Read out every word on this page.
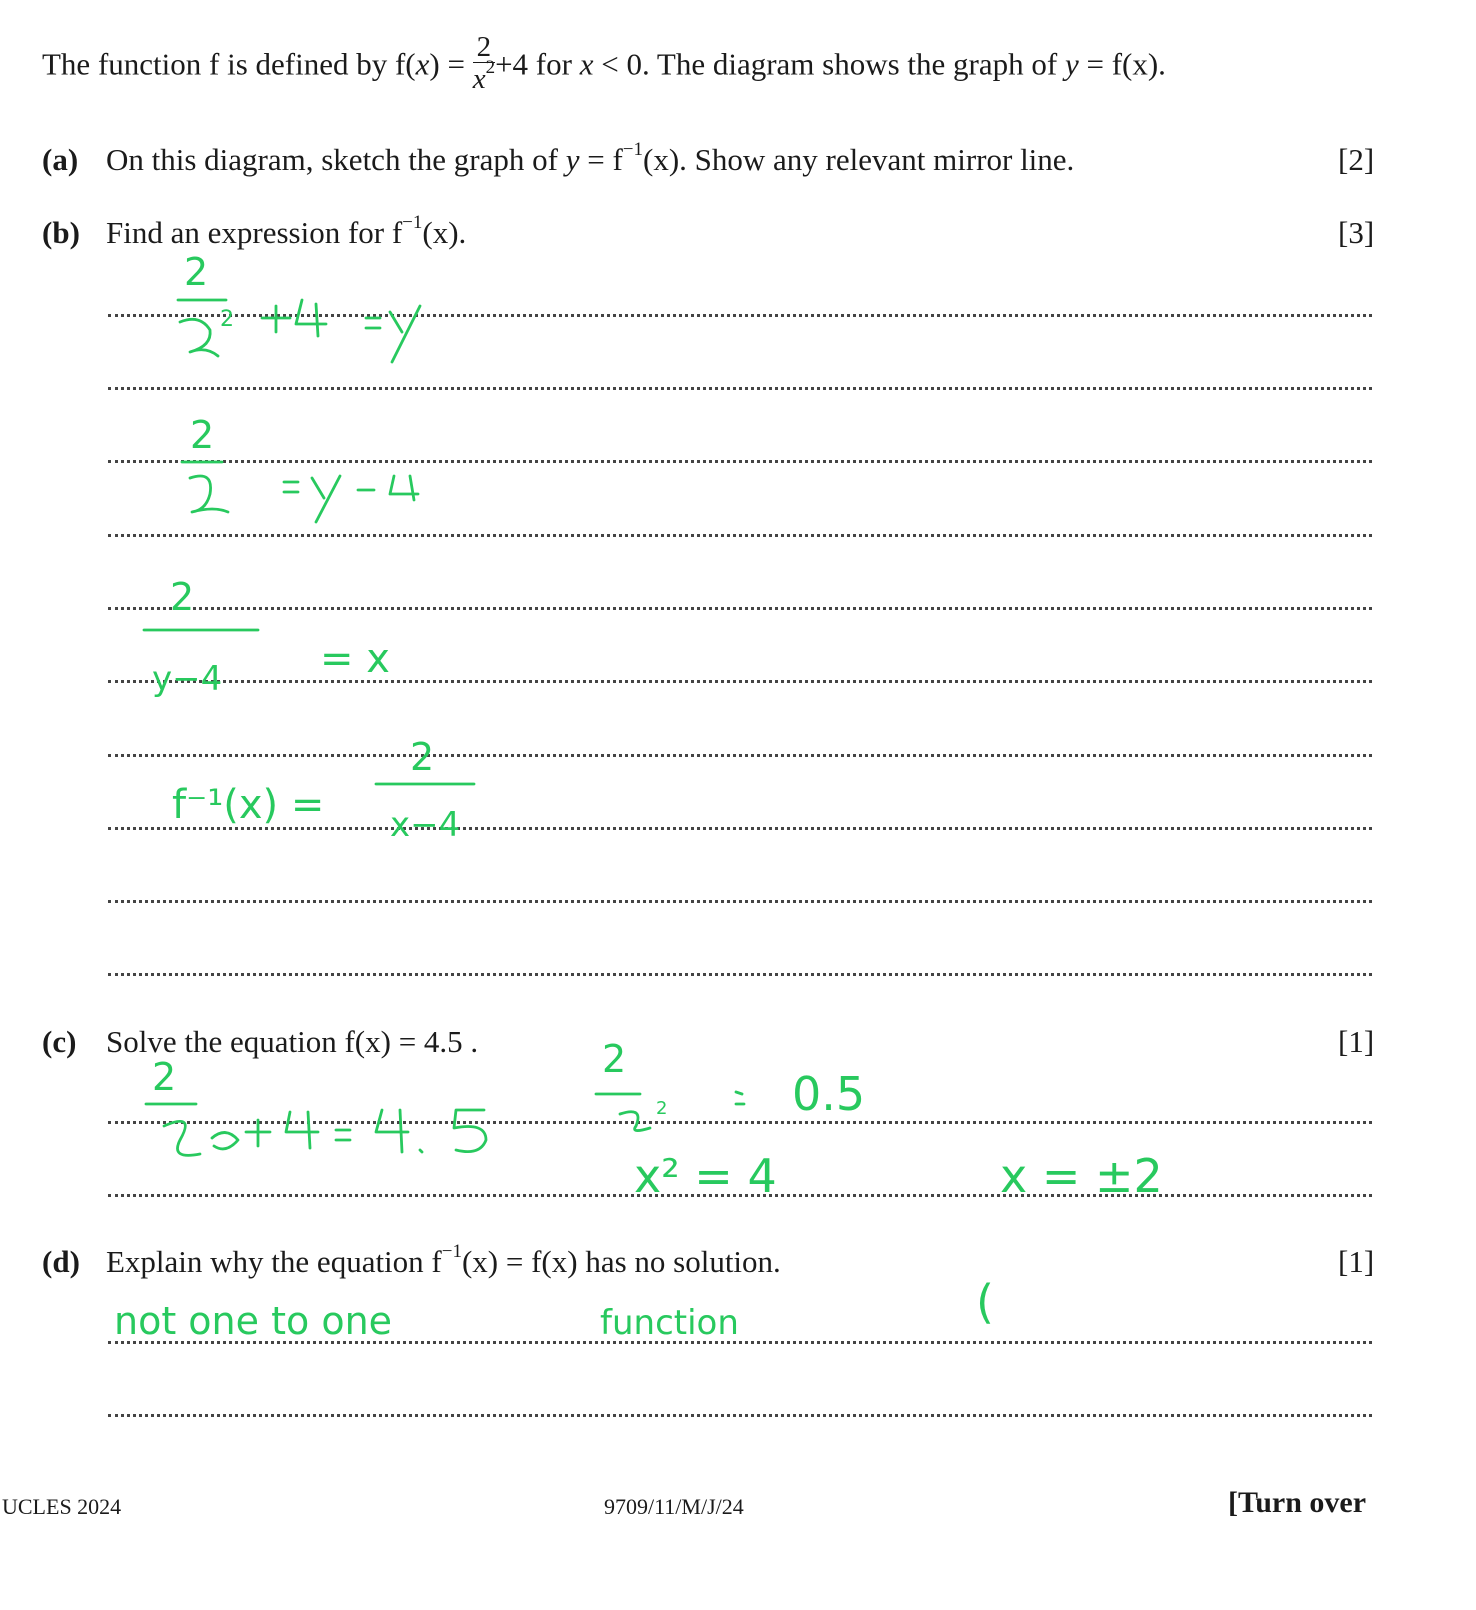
The function f is defined by $f(x) = \frac{2}{x^2} +4$ for x < 0. The diagram shows the graph of y = f(x).
(a) On this diagram, sketch the graph of $y = f^{-1}(x)$. Show any relevant mirror line.	[2]
(b) Find an expression for $f^{-1}(x)$.	[3]
(c) Solve the equation f(x) = 4.5 .	[1]
(d) Explain why the equation $f^{-1}(x) = f(x)$ has no solution.	[1]
2
2
2
2
y−4 = x
f⁻¹(x) =
2
x−4
2	2
2	0.5
x² = 4	x = ±2
not one to one	function	(
UCLES 2024	9709/11/M/J/24	[Turn over
